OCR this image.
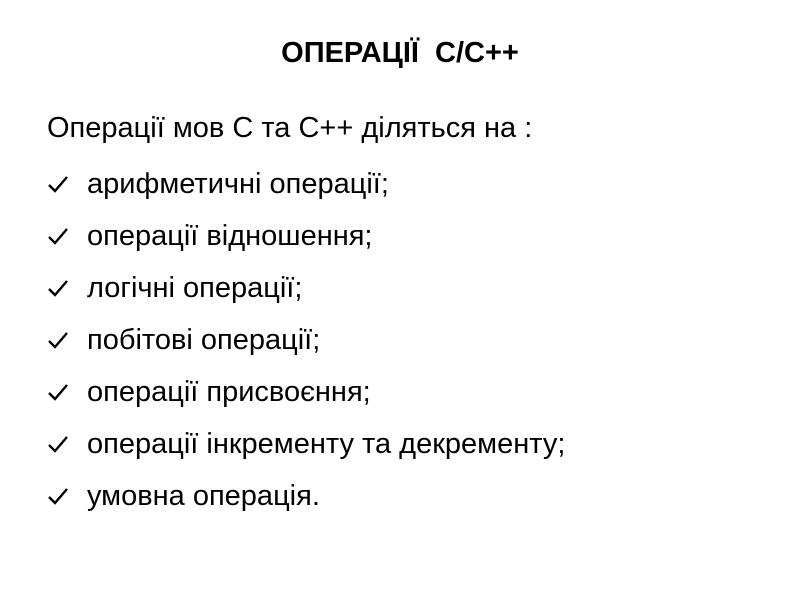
ОПЕРАЦІЇ  С/С++
Операції мов С та С++ діляться на :
арифметичні операції;
операції відношення;
логічні операції;
побітові операції;
операції присвоєння;
операції інкременту та декременту;
умовна операція.
